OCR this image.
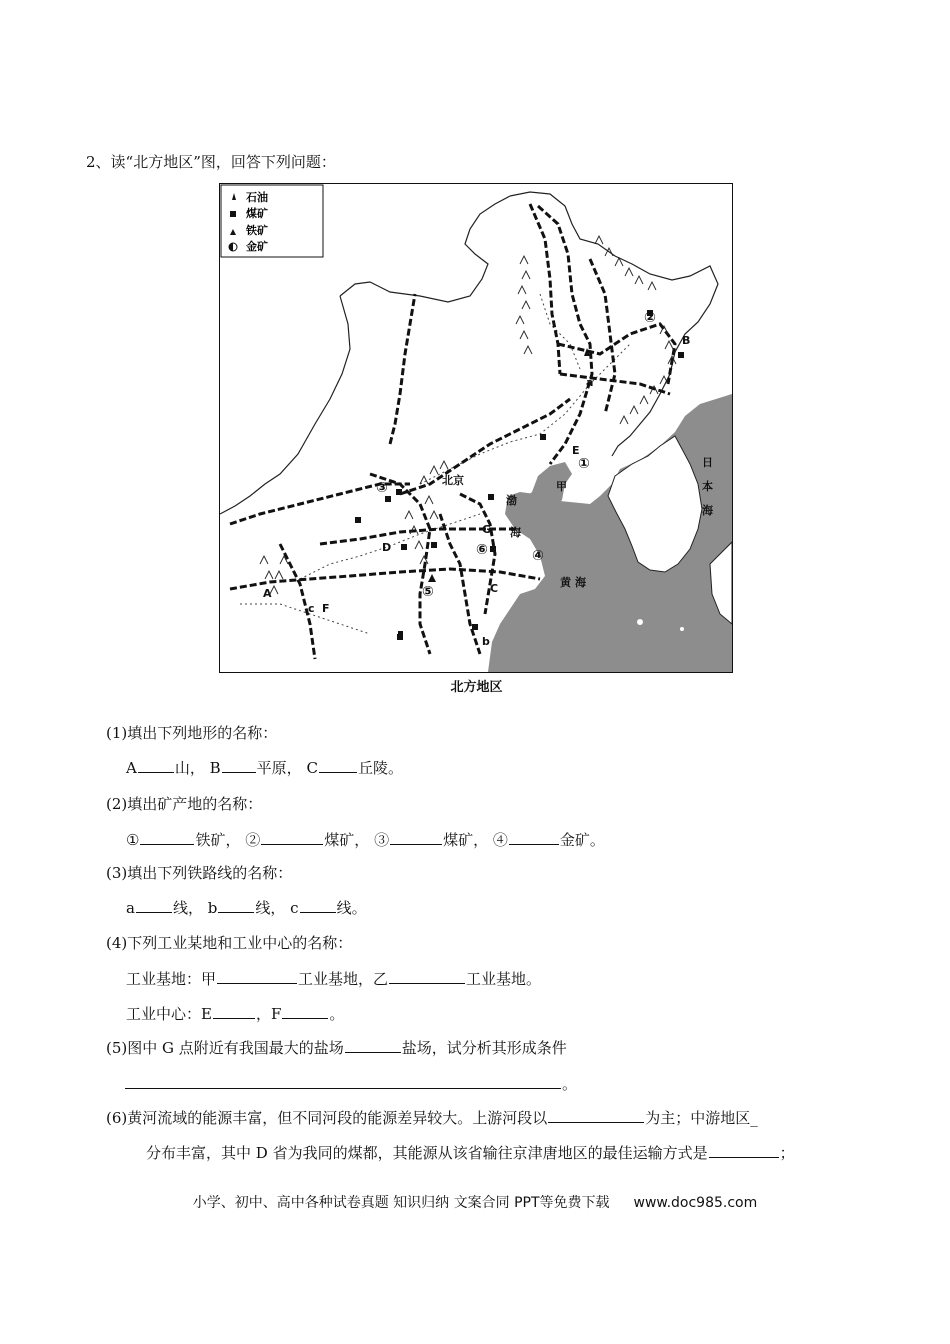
2、读“北方地区”图，回答下列问题：
石油
煤矿
铁矿
金矿
北京
渤
海
黄 海
日
本
海
A
B
C
D
E
F
G
a
b
c
甲
①
②
③
④
⑤
⑥
北方地区
(1)填出下列地形的名称：
A	山， B 平原， C	丘陵。
(2)填出矿产地的名称：
①	铁矿， ②	煤矿， ③	煤矿， ④	金矿。
(3)填出下列铁路线的名称：
a	线， b	线， c	线。
(4)下列工业某地和工业中心的名称：
工业基地：甲	工业基地，乙	工业基地。
工业中心：E	，F	。
(5)图中 G 点附近有我国最大的盐场	盐场，试分析其形成条件
。
(6)黄河流域的能源丰富，但不同河段的能源差异较大。上游河段以	为主；中游地区_
分布丰富，其中 D 省为我同的煤都，其能源从该省输往京津唐地区的最佳运输方式是	；
小学、初中、高中各种试卷真题 知识归纳 文案合同 PPT等免费下载 www.doc985.com
